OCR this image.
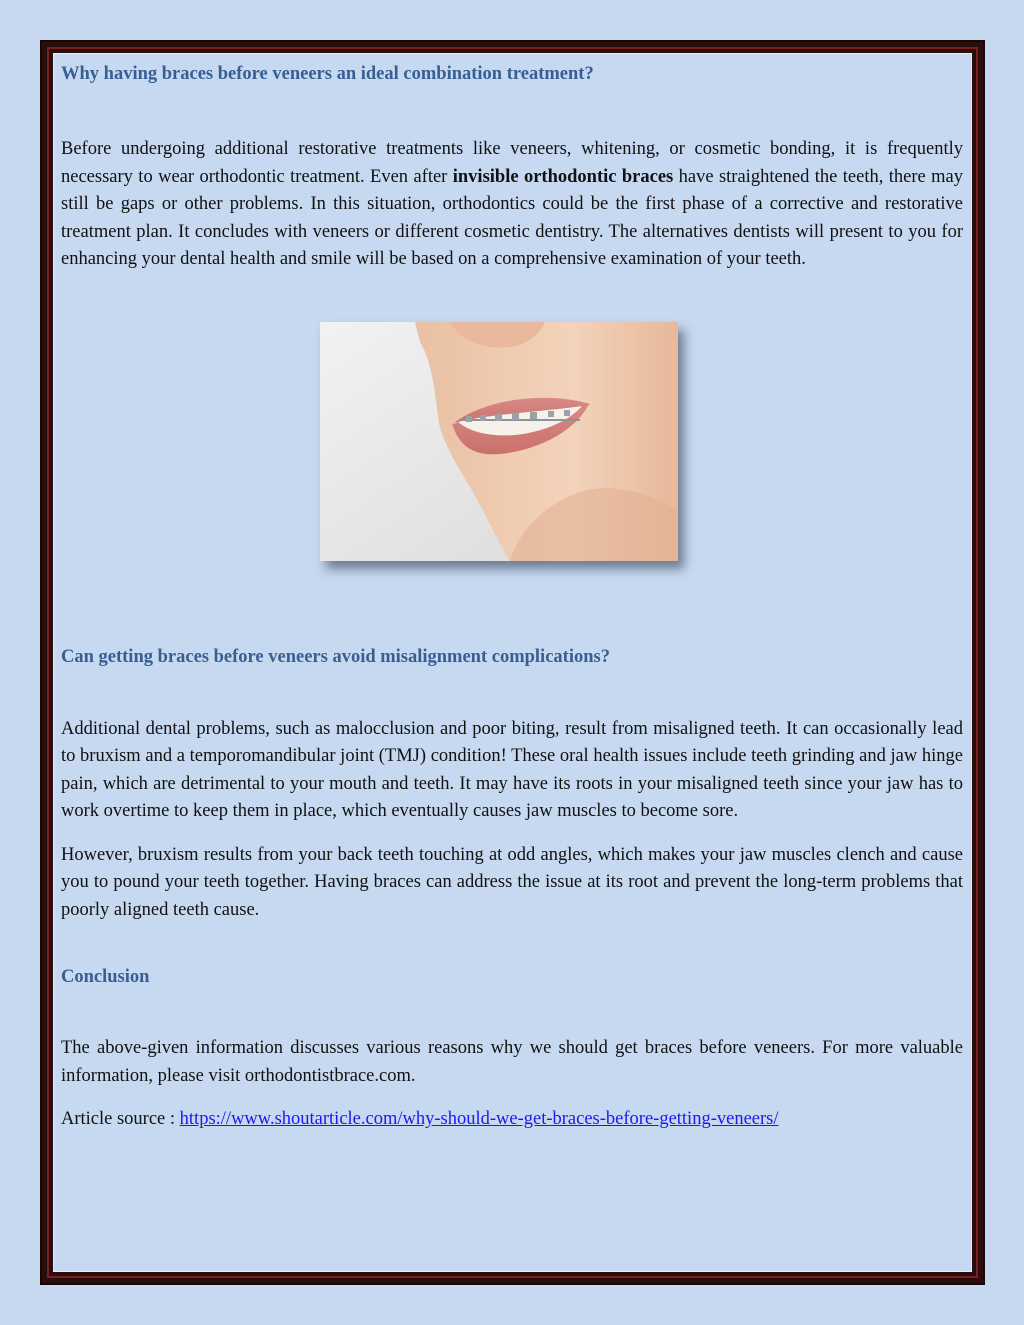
Why having braces before veneers an ideal combination treatment?

Before undergoing additional restorative treatments like veneers, whitening, or cosmetic bonding, it is frequently necessary to wear orthodontic treatment. Even after invisible orthodontic braces have straightened the teeth, there may still be gaps or other problems. In this situation, orthodontics could be the first phase of a corrective and restorative treatment plan. It concludes with veneers or different cosmetic dentistry. The alternatives dentists will present to you for enhancing your dental health and smile will be based on a comprehensive examination of your teeth.

Can getting braces before veneers avoid misalignment complications?

Additional dental problems, such as malocclusion and poor biting, result from misaligned teeth. It can occasionally lead to bruxism and a temporomandibular joint (TMJ) condition! These oral health issues include teeth grinding and jaw hinge pain, which are detrimental to your mouth and teeth. It may have its roots in your misaligned teeth since your jaw has to work overtime to keep them in place, which eventually causes jaw muscles to become sore.

However, bruxism results from your back teeth touching at odd angles, which makes your jaw muscles clench and cause you to pound your teeth together. Having braces can address the issue at its root and prevent the long-term problems that poorly aligned teeth cause.

Conclusion

The above-given information discusses various reasons why we should get braces before veneers. For more valuable information, please visit orthodontistbrace.com.

Article source : https://www.shoutarticle.com/why-should-we-get-braces-before-getting-veneers/
